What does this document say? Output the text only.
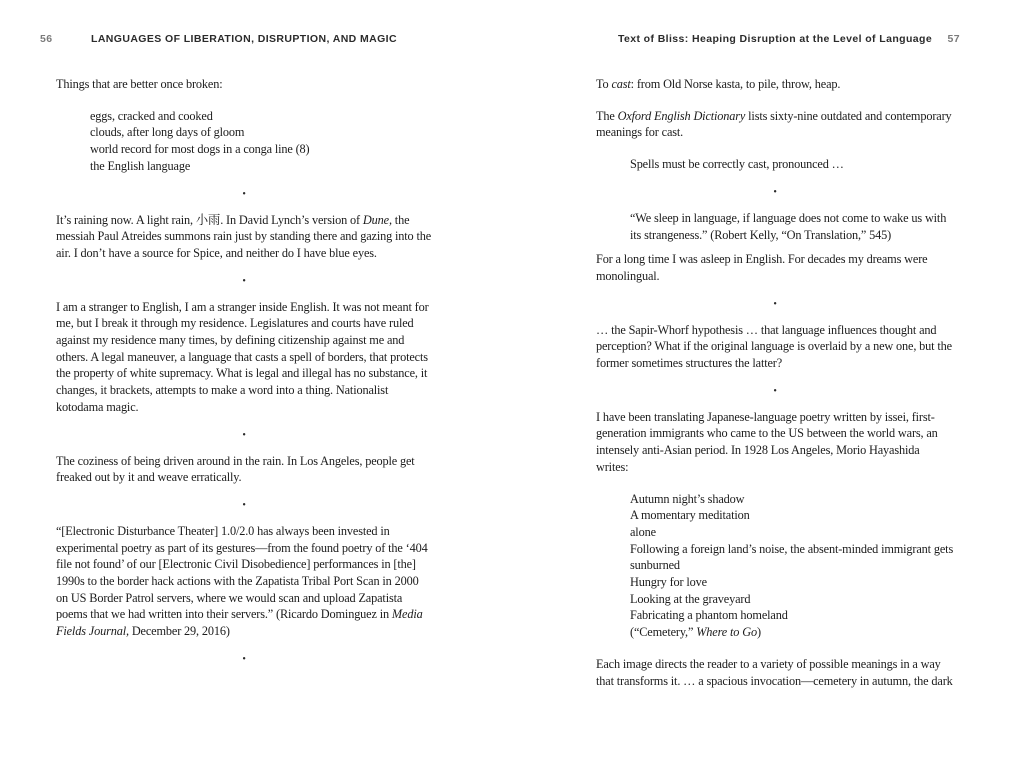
56	LANGUAGES OF LIBERATION, DISRUPTION, AND MAGIC

Things that are better once broken:

eggs, cracked and cooked
clouds, after long days of gloom
world record for most dogs in a conga line (8)
the English language
•

It’s raining now. A light rain, 小雨. In David Lynch’s version of Dune, the messiah Paul Atreides summons rain just by standing there and gazing into the air. I don’t have a source for Spice, and neither do I have blue eyes.

•

I am a stranger to English, I am a stranger inside English. It was not meant for me, but I break it through my residence. Legislatures and courts have ruled against my residence many times, by defining citizenship against me and others. A legal maneuver, a language that casts a spell of borders, that protects the property of white supremacy. What is legal and illegal has no substance, it changes, it brackets, attempts to make a word into a thing. Nationalist kotodama magic.

•

The coziness of being driven around in the rain. In Los Angeles, people get freaked out by it and weave erratically.

•

“[Electronic Disturbance Theater] 1.0/2.0 has always been invested in experimental poetry as part of its gestures—from the found poetry of the ‘404 file not found’ of our [Electronic Civil Disobedience] performances in [the] 1990s to the border hack actions with the Zapatista Tribal Port Scan in 2000 on US Border Patrol servers, where we would scan and upload Zapatista poems that we had written into their servers.” (Ricardo Dominguez in Media Fields Journal, December 29, 2016)

•
Text of Bliss: Heaping Disruption at the Level of Language 57

To cast: from Old Norse kasta, to pile, throw, heap.

The Oxford English Dictionary lists sixty-nine outdated and contemporary meanings for cast.

Spells must be correctly cast, pronounced …
•

“We sleep in language, if language does not come to wake us with its strangeness.” (Robert Kelly, “On Translation,” 545)

For a long time I was asleep in English. For decades my dreams were monolingual.

•

… the Sapir-Whorf hypothesis … that language influences thought and perception? What if the original language is overlaid by a new one, but the former sometimes structures the latter?

•

I have been translating Japanese-language poetry written by issei, first-generation immigrants who came to the US between the world wars, an intensely anti-Asian period. In 1928 Los Angeles, Morio Hayashida writes:

Autumn night’s shadow
A momentary meditation
alone
Following a foreign land’s noise, the absent-minded immigrant gets sunburned
Hungry for love
Looking at the graveyard
Fabricating a phantom homeland
(“Cemetery,” Where to Go)

Each image directs the reader to a variety of possible meanings in a way that transforms it. … a spacious invocation—cemetery in autumn, the dark
